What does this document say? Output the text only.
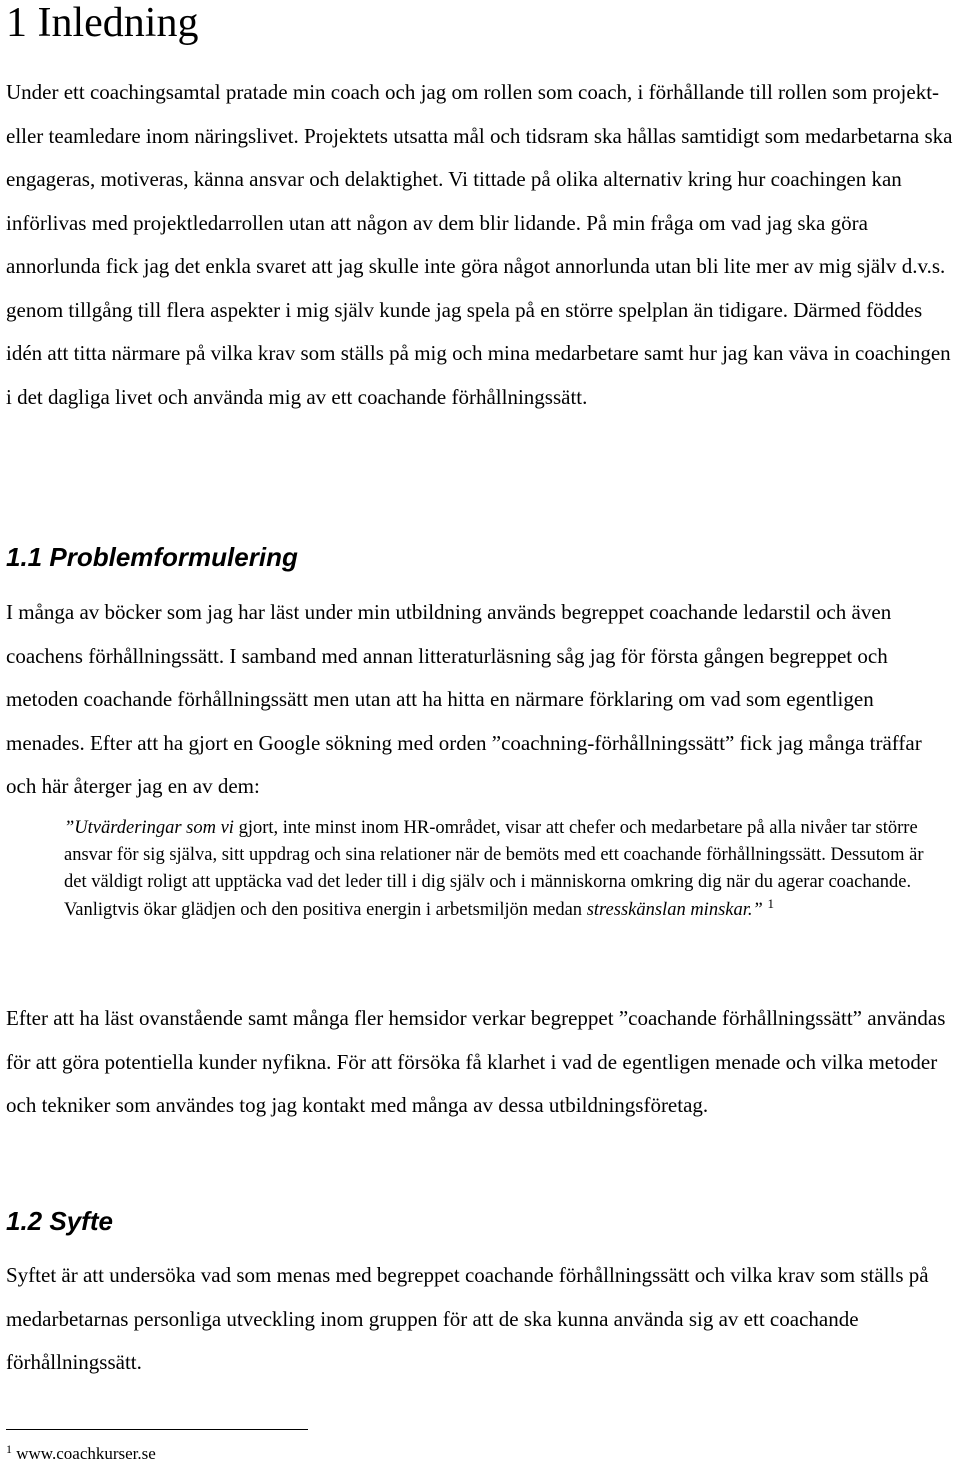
1 Inledning

Under ett coachingsamtal pratade min coach och jag om rollen som coach, i förhållande till rollen som projekt- eller teamledare inom näringslivet. Projektets utsatta mål och tidsram ska hållas samtidigt som medarbetarna ska engageras, motiveras, känna ansvar och delaktighet. Vi tittade på olika alternativ kring hur coachingen kan införlivas med projektledarrollen utan att någon av dem blir lidande. På min fråga om vad jag ska göra annorlunda fick jag det enkla svaret att jag skulle inte göra något annorlunda utan bli lite mer av mig själv d.v.s. genom tillgång till flera aspekter i mig själv kunde jag spela på en större spelplan än tidigare. Därmed föddes idén att titta närmare på vilka krav som ställs på mig och mina medarbetare samt hur jag kan väva in coachingen i det dagliga livet och använda mig av ett coachande förhållningssätt.

1.1 Problemformulering

I många av böcker som jag har läst under min utbildning används begreppet coachande ledarstil och även coachens förhållningssätt. I samband med annan litteraturläsning såg jag för första gången begreppet och metoden coachande förhållningssätt men utan att ha hitta en närmare förklaring om vad som egentligen menades. Efter att ha gjort en Google sökning med orden ”coachning-förhållningssätt” fick jag många träffar och här återger jag en av dem:

”Utvärderingar som vi gjort, inte minst inom HR-området, visar att chefer och medarbetare på alla nivåer tar större ansvar för sig själva, sitt uppdrag och sina relationer när de bemöts med ett coachande förhållningssätt. Dessutom är det väldigt roligt att upptäcka vad det leder till i dig själv och i människorna omkring dig när du agerar coachande. Vanligtvis ökar glädjen och den positiva energin i arbetsmiljön medan stresskänslan minskar.” $^1$

Efter att ha läst ovanstående samt många fler hemsidor verkar begreppet ”coachande förhållningssätt” användas för att göra potentiella kunder nyfikna. För att försöka få klarhet i vad de egentligen menade och vilka metoder och tekniker som användes tog jag kontakt med många av dessa utbildningsföretag.

1.2 Syfte

Syftet är att undersöka vad som menas med begreppet coachande förhållningssätt och vilka krav som ställs på medarbetarnas personliga utveckling inom gruppen för att de ska kunna använda sig av ett coachande förhållningssätt.

$^1$ www.coachkurser.se
